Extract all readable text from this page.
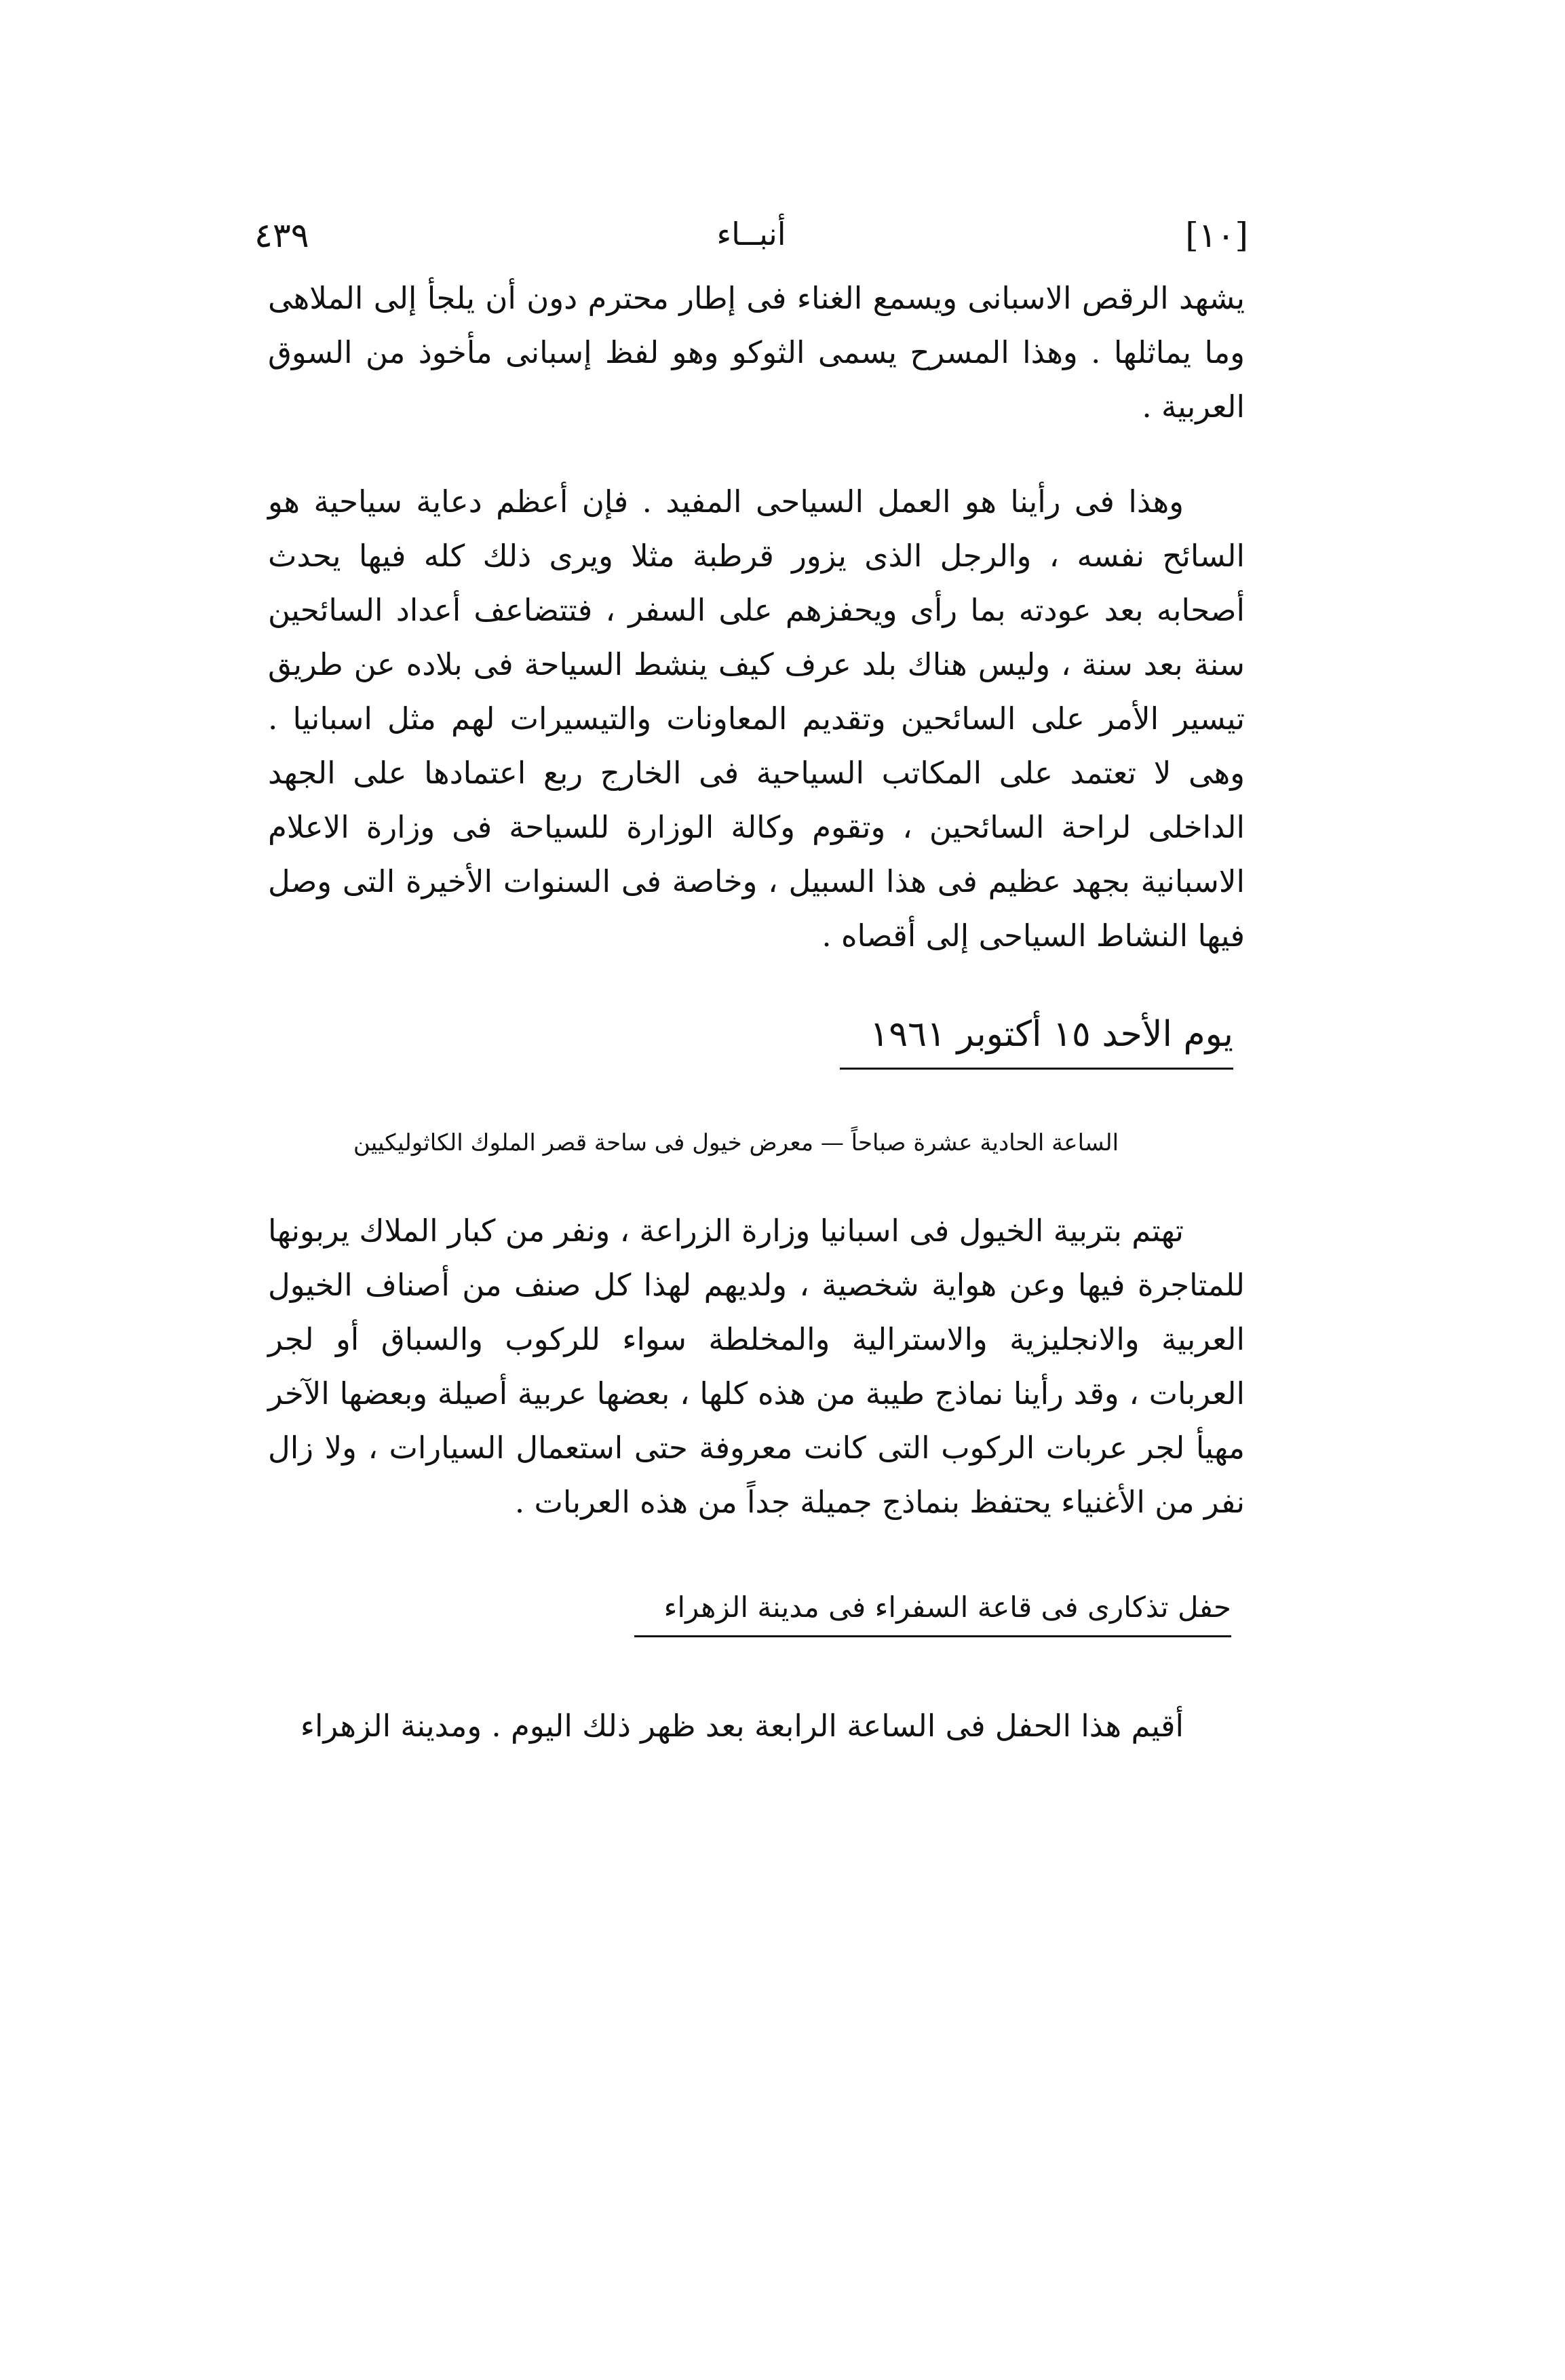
٤٣٩	أنبــاء	[١٠]

يشهد الرقص الاسبانى ويسمع الغناء فى إطار محترم دون أن يلجأ إلى الملاهى وما يماثلها . وهذا المسرح يسمى الثوكو وهو لفظ إسبانى مأخوذ من السوق العربية .

وهذا فى رأينا هو العمل السياحى المفيد . فإن أعظم دعاية سياحية هو السائح نفسه ، والرجل الذى يزور قرطبة مثلا ويرى ذلك كله فيها يحدث أصحابه بعد عودته بما رأى ويحفزهم على السفر ، فتتضاعف أعداد السائحين سنة بعد سنة ، وليس هناك بلد عرف كيف ينشط السياحة فى بلاده عن طريق تيسير الأمر على السائحين وتقديم المعاونات والتيسيرات لهم مثل اسبانيا . وهى لا تعتمد على المكاتب السياحية فى الخارج ربع اعتمادها على الجهد الداخلى لراحة السائحين ، وتقوم وكالة الوزارة للسياحة فى وزارة الاعلام الاسبانية بجهد عظيم فى هذا السبيل ، وخاصة فى السنوات الأخيرة التى وصل فيها النشاط السياحى إلى أقصاه .

يوم الأحد ١٥ أكتوبر ١٩٦١
الساعة الحادية عشرة صباحاً — معرض خيول فى ساحة قصر الملوك الكاثوليكيين

تهتم بتربية الخيول فى اسبانيا وزارة الزراعة ، ونفر من كبار الملاك يربونها للمتاجرة فيها وعن هواية شخصية ، ولديهم لهذا كل صنف من أصناف الخيول العربية والانجليزية والاسترالية والمخلطة سواء للركوب والسباق أو لجر العربات ، وقد رأينا نماذج طيبة من هذه كلها ، بعضها عربية أصيلة وبعضها الآخر مهيأ لجر عربات الركوب التى كانت معروفة حتى استعمال السيارات ، ولا زال نفر من الأغنياء يحتفظ بنماذج جميلة جداً من هذه العربات .

حفل تذكارى فى قاعة السفراء فى مدينة الزهراء

أقيم هذا الحفل فى الساعة الرابعة بعد ظهر ذلك اليوم . ومدينة الزهراء
